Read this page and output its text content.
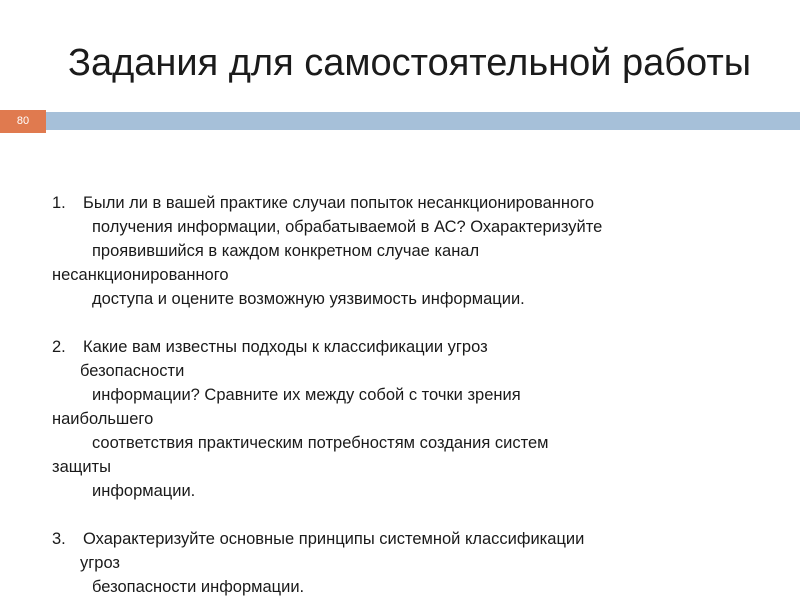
80
Задания для самостоятельной работы
1. Были ли в вашей практике случаи попыток несанкционированного
получения информации, обрабатываемой в АС? Охарактеризуйте
проявившийся в каждом конкретном случае канал
несанкционированного
доступа и оцените возможную уязвимость информации.
2. Какие вам известны подходы к классификации угроз
безопасности
информации? Сравните их между собой с точки зрения
наибольшего
соответствия практическим потребностям создания систем
защиты
информации.
3. Охарактеризуйте основные принципы системной классификации
угроз
безопасности информации.
